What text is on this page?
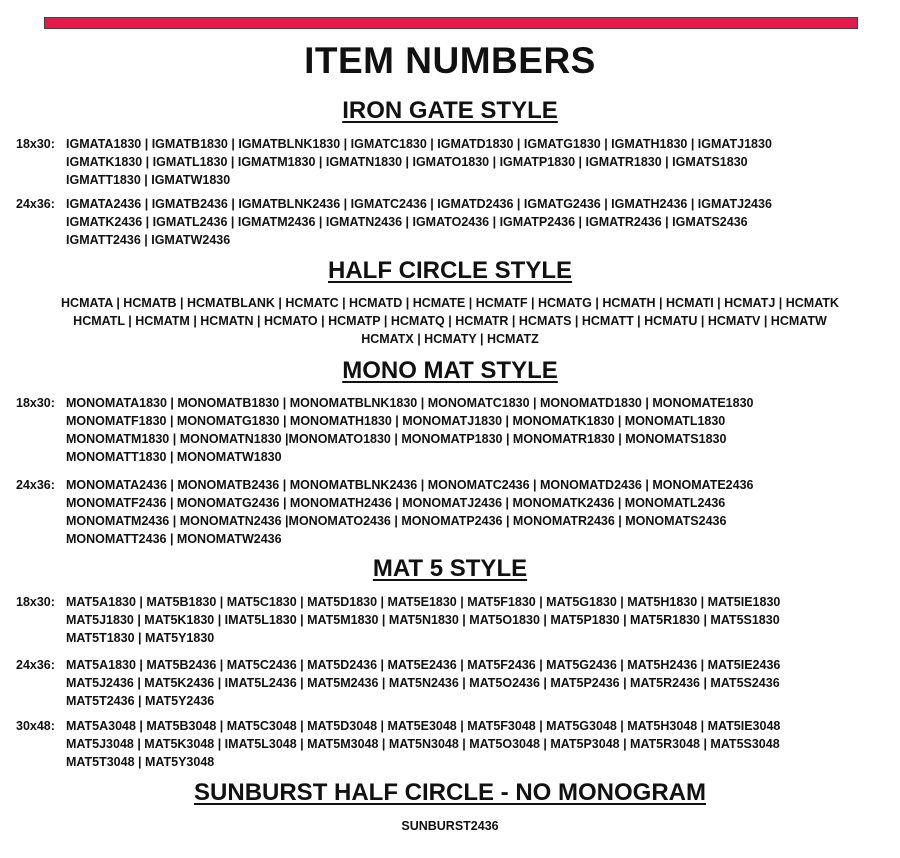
ITEM NUMBERS
IRON GATE STYLE
18x30: IGMATA1830 | IGMATB1830 | IGMATBLNK1830 | IGMATC1830 | IGMATD1830 | IGMATG1830 | IGMATH1830 | IGMATJ1830
IGMATK1830 | IGMATL1830 | IGMATM1830 | IGMATN1830 | IGMATO1830 | IGMATP1830 | IGMATR1830 | IGMATS1830
IGMATT1830 | IGMATW1830
24x36: IGMATA2436 | IGMATB2436 | IGMATBLNK2436 | IGMATC2436 | IGMATD2436 | IGMATG2436 | IGMATH2436 | IGMATJ2436
IGMATK2436 | IGMATL2436 | IGMATM2436 | IGMATN2436 | IGMATO2436 | IGMATP2436 | IGMATR2436 | IGMATS2436
IGMATT2436 | IGMATW2436
HALF CIRCLE STYLE
HCMATA | HCMATB | HCMATBLANK | HCMATC | HCMATD | HCMATE | HCMATF | HCMATG | HCMATH | HCMATI | HCMATJ | HCMATK
HCMATL | HCMATM | HCMATN | HCMATO | HCMATP | HCMATQ | HCMATR | HCMATS | HCMATT | HCMATU | HCMATV | HCMATW
HCMATX | HCMATY | HCMATZ
MONO MAT STYLE
18x30: MONOMATA1830 | MONOMATB1830 | MONOMATBLNK1830 | MONOMATC1830 | MONOMATD1830 | MONOMATE1830
MONOMATF1830 | MONOMATG1830 | MONOMATH1830 | MONOMATJ1830 | MONOMATK1830 | MONOMATL1830
MONOMATM1830 | MONOMATN1830 |MONOMATO1830 | MONOMATP1830 | MONOMATR1830 | MONOMATS1830
MONOMATT1830 | MONOMATW1830
24x36: MONOMATA2436 | MONOMATB2436 | MONOMATBLNK2436 | MONOMATC2436 | MONOMATD2436 | MONOMATE2436
MONOMATF2436 | MONOMATG2436 | MONOMATH2436 | MONOMATJ2436 | MONOMATK2436 | MONOMATL2436
MONOMATM2436 | MONOMATN2436 |MONOMATO2436 | MONOMATP2436 | MONOMATR2436 | MONOMATS2436
MONOMATT2436 | MONOMATW2436
MAT 5 STYLE
18x30: MAT5A1830 | MAT5B1830 | MAT5C1830 | MAT5D1830 | MAT5E1830 | MAT5F1830 | MAT5G1830 | MAT5H1830 | MAT5IE1830
MAT5J1830 | MAT5K1830 | IMAT5L1830 | MAT5M1830 | MAT5N1830 | MAT5O1830 | MAT5P1830 | MAT5R1830 | MAT5S1830
MAT5T1830 | MAT5Y1830
24x36: MAT5A1830 | MAT5B2436 | MAT5C2436 | MAT5D2436 | MAT5E2436 | MAT5F2436 | MAT5G2436 | MAT5H2436 | MAT5IE2436
MAT5J2436 | MAT5K2436 | IMAT5L2436 | MAT5M2436 | MAT5N2436 | MAT5O2436 | MAT5P2436 | MAT5R2436 | MAT5S2436
MAT5T2436 | MAT5Y2436
30x48: MAT5A3048 | MAT5B3048 | MAT5C3048 | MAT5D3048 | MAT5E3048 | MAT5F3048 | MAT5G3048 | MAT5H3048 | MAT5IE3048
MAT5J3048 | MAT5K3048 | IMAT5L3048 | MAT5M3048 | MAT5N3048 | MAT5O3048 | MAT5P3048 | MAT5R3048 | MAT5S3048
MAT5T3048 | MAT5Y3048
SUNBURST HALF CIRCLE - NO MONOGRAM
SUNBURST2436
